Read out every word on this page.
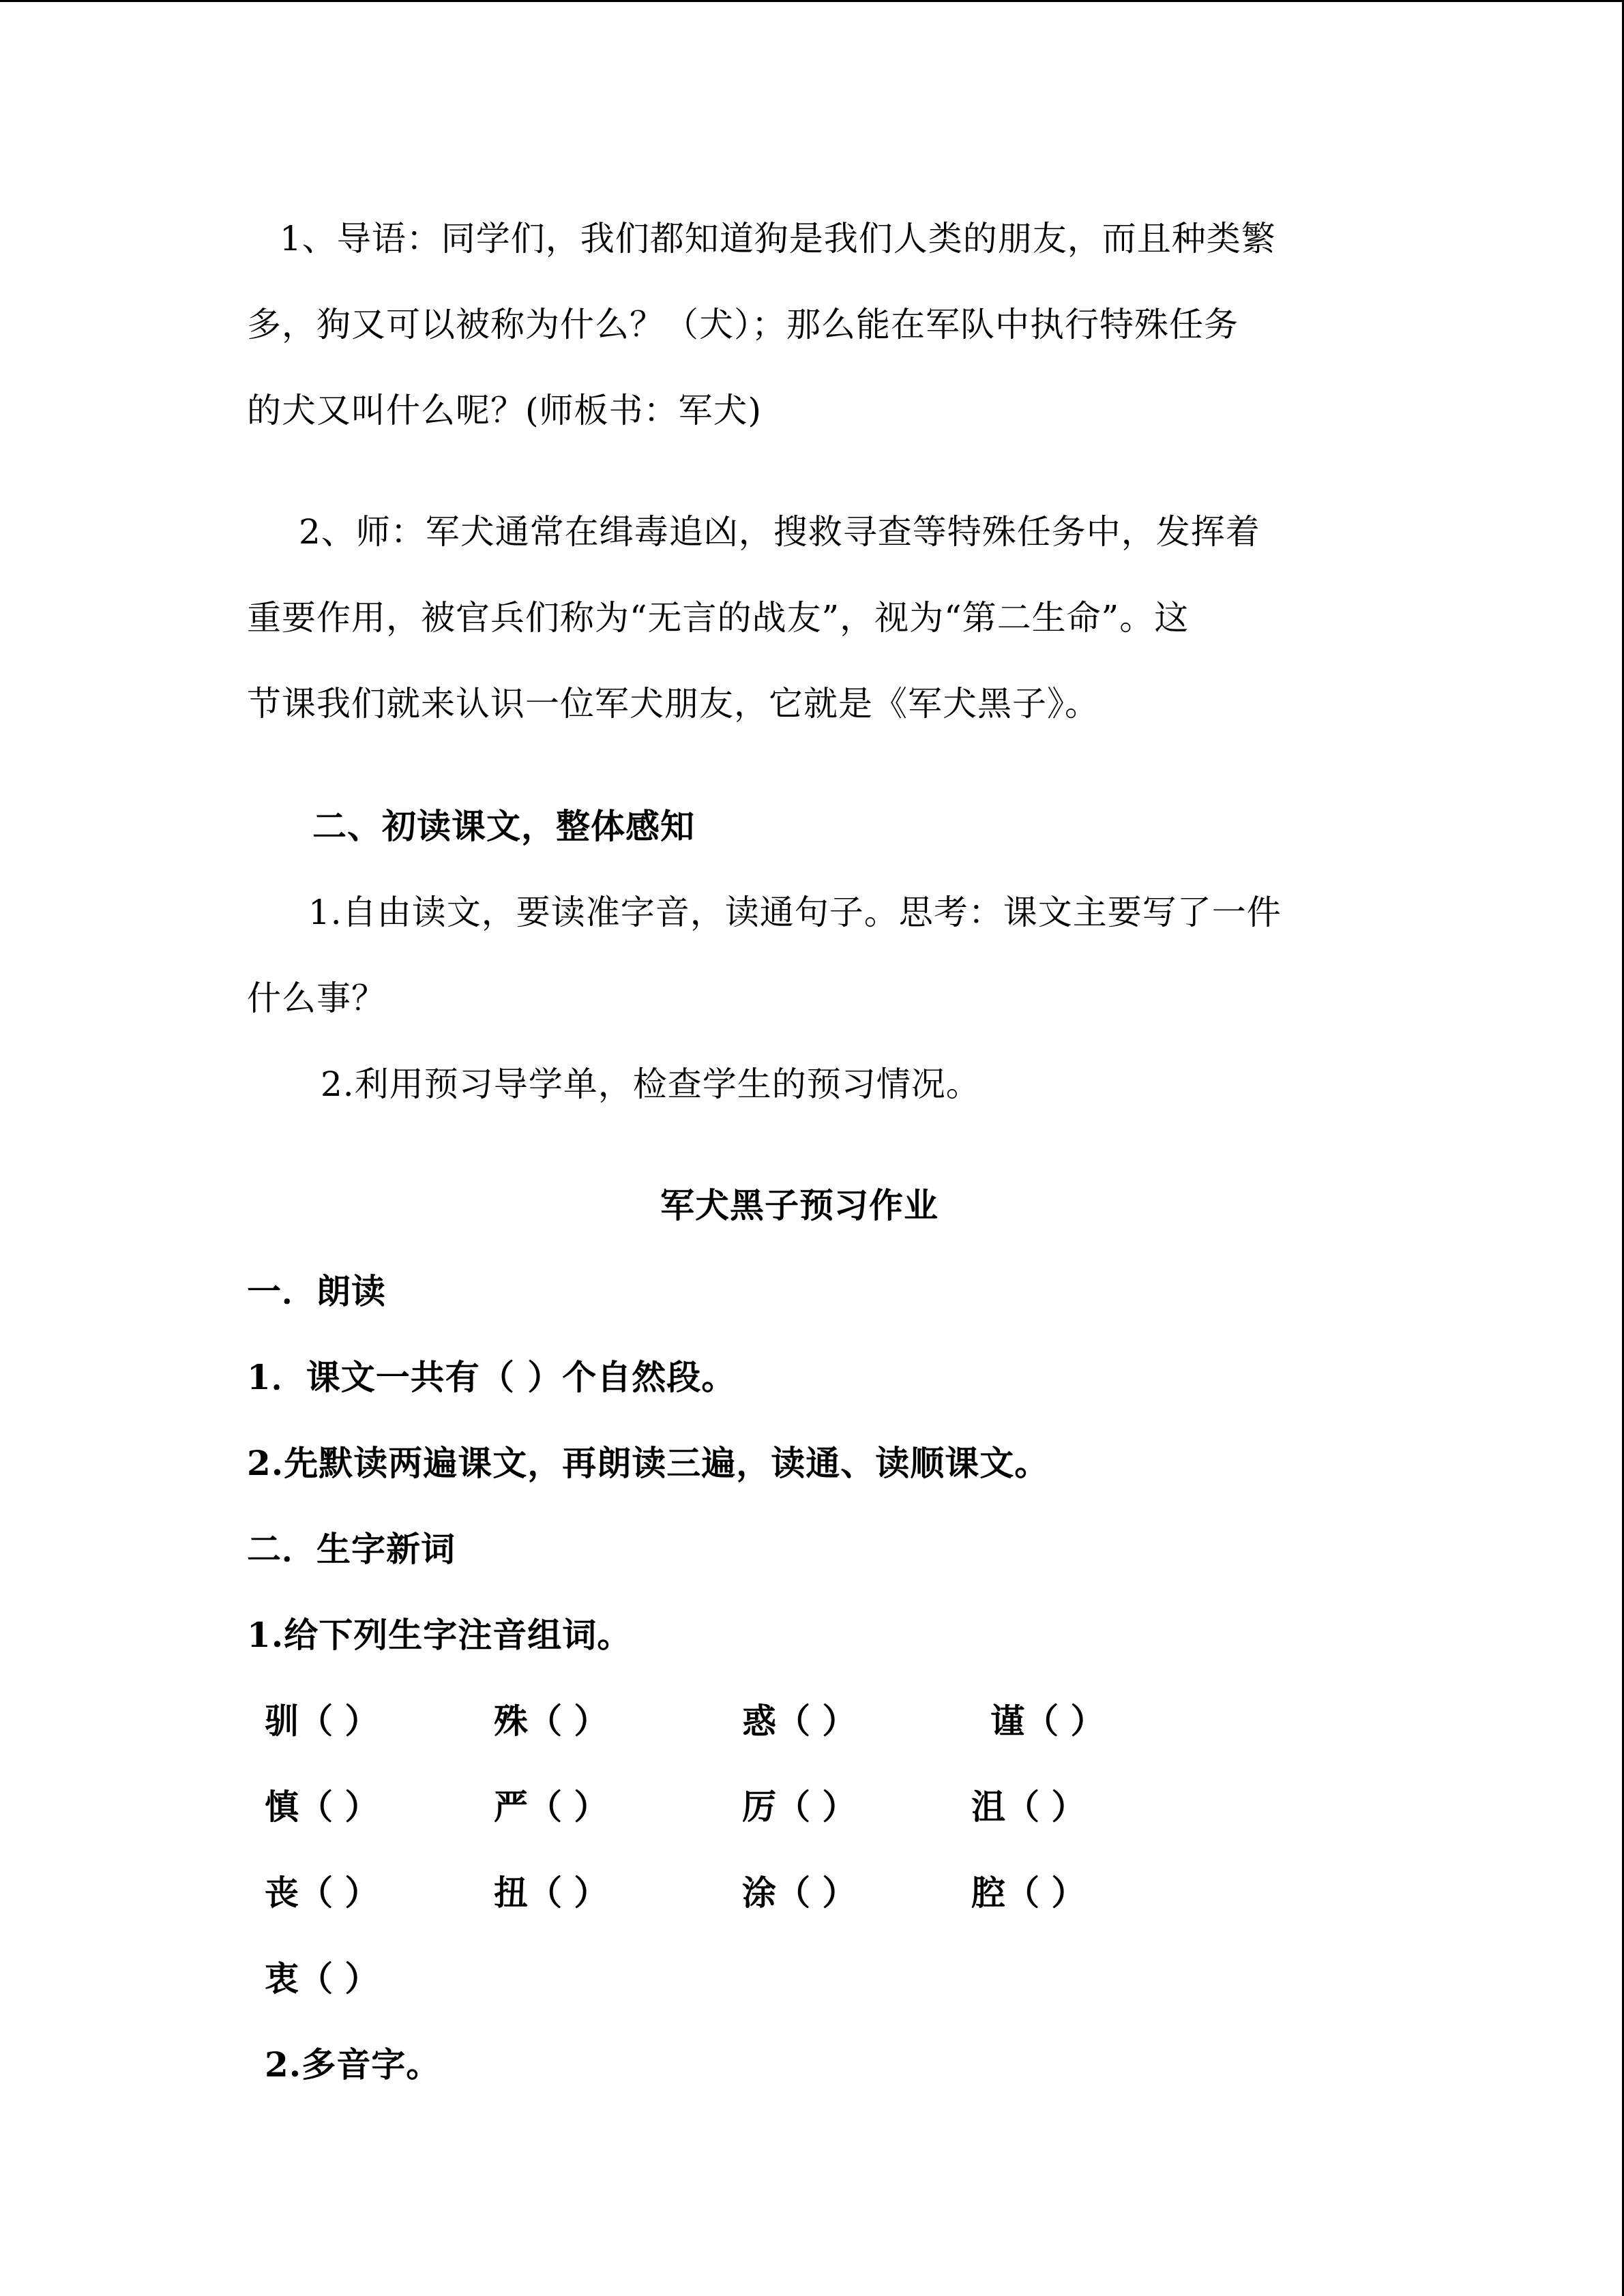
1、导语：同学们，我们都知道狗是我们人类的朋友，而且种类繁
多，狗又可以被称为什么？（犬）；那么能在军队中执行特殊任务
的犬又叫什么呢？(师板书：军犬)
2、师：军犬通常在缉毒追凶，搜救寻查等特殊任务中，发挥着
重要作用，被官兵们称为“无言的战友”，视为“第二生命”。这
节课我们就来认识一位军犬朋友，它就是《军犬黑子》。
二、初读课文，整体感知
1.自由读文，要读准字音，读通句子。思考：课文主要写了一件
什么事？
2.利用预习导学单，检查学生的预习情况。
军犬黑子预习作业
一．朗读
1．课文一共有（ ）个自然段。
2.先默读两遍课文，再朗读三遍，读通、读顺课文。
二．生字新词
1.给下列生字注音组词。
驯（ ）	殊（ ）	惑（ ）	谨（ ）
慎（ ）	严（ ）	厉（ ）	沮（ ）
丧（ ）	扭（ ）	涂（ ）	腔（ ）
衷（ ）
2.多音字。
